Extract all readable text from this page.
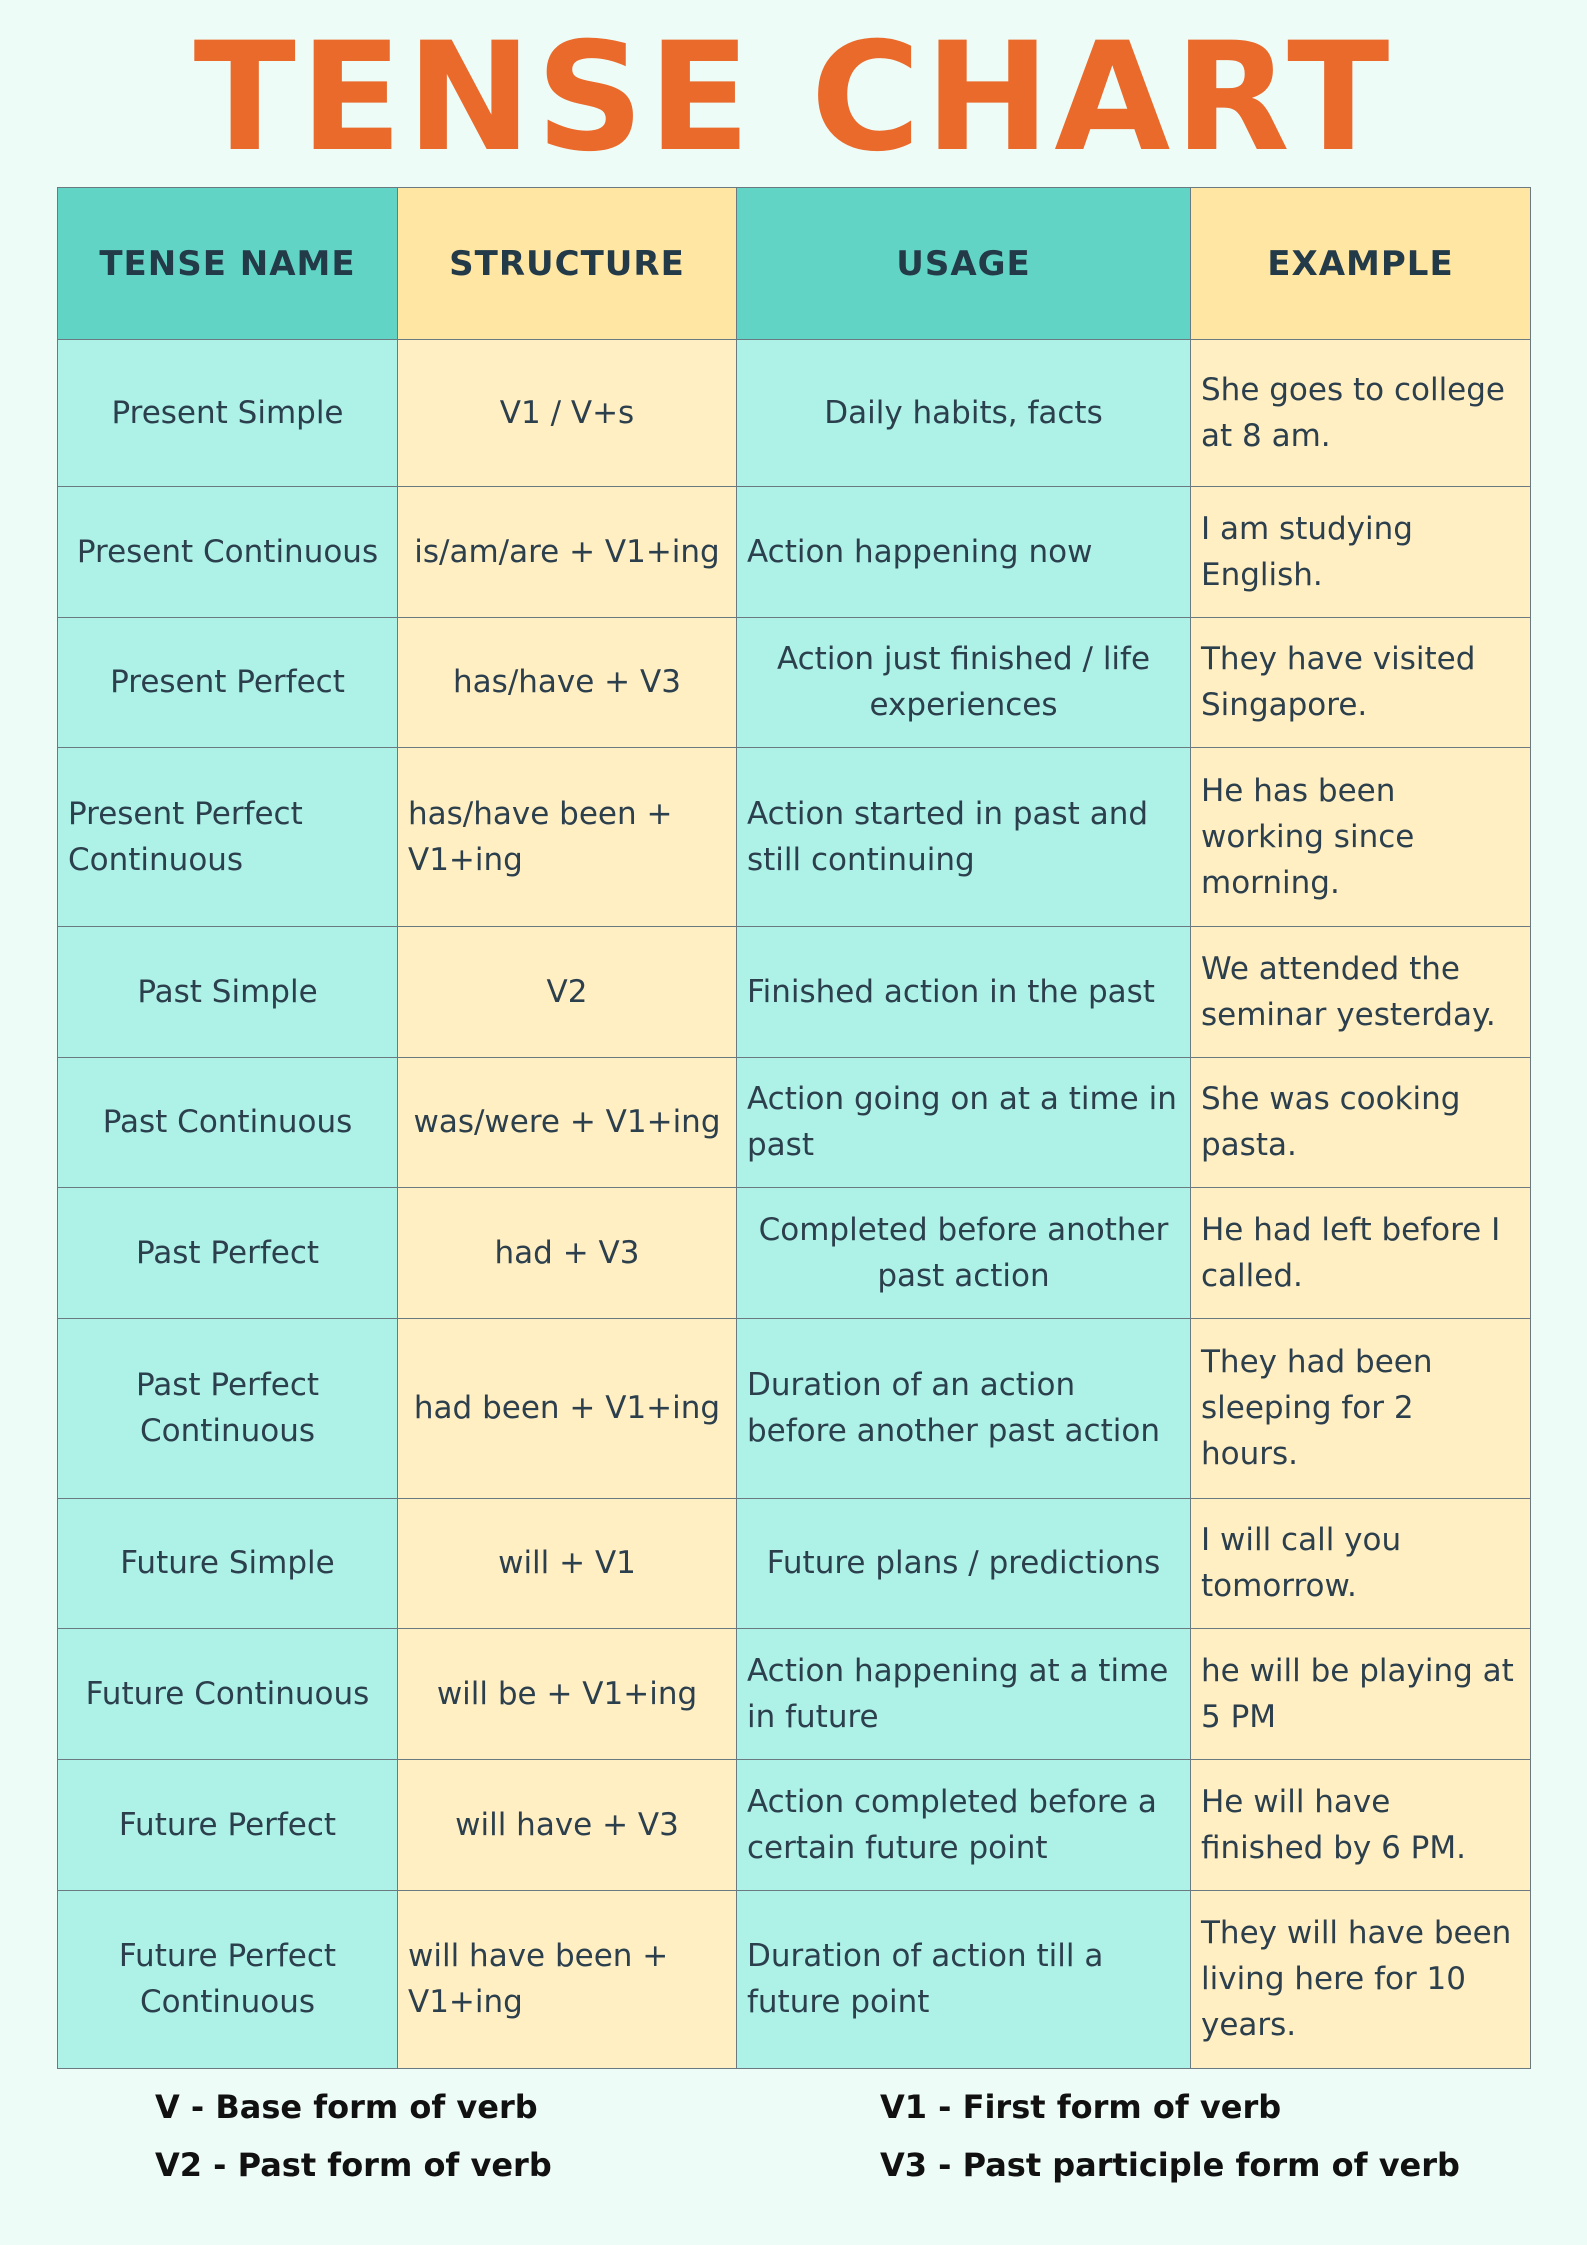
TENSE CHART
TENSE NAME	STRUCTURE	USAGE	EXAMPLE
Present Simple	V1 / V+s	Daily habits, facts	She goes to college at 8 am.
Present Continuous	is/am/are + V1+ing	Action happening now	I am studying English.
Present Perfect	has/have + V3	Action just finished / life experiences	They have visited Singapore.
Present Perfect Continuous	has/have been + V1+ing	Action started in past and still continuing	He has been working since morning.
Past Simple	V2	Finished action in the past	We attended the seminar yesterday.
Past Continuous	was/were + V1+ing	Action going on at a time in past	She was cooking pasta.
Past Perfect	had + V3	Completed before another past action	He had left before I called.
Past Perfect Continuous	had been + V1+ing	Duration of an action before another past action	They had been sleeping for 2 hours.
Future Simple	will + V1	Future plans / predictions	I will call you tomorrow.
Future Continuous	will be + V1+ing	Action happening at a time in future	he will be playing at 5 PM
Future Perfect	will have + V3	Action completed before a certain future point	He will have finished by 6 PM.
Future Perfect Continuous	will have been + V1+ing	Duration of action till a future point	They will have been living here for 10 years.
V - Base form of verb	V1 - First form of verb
V2 - Past form of verb	V3 - Past participle form of verb
